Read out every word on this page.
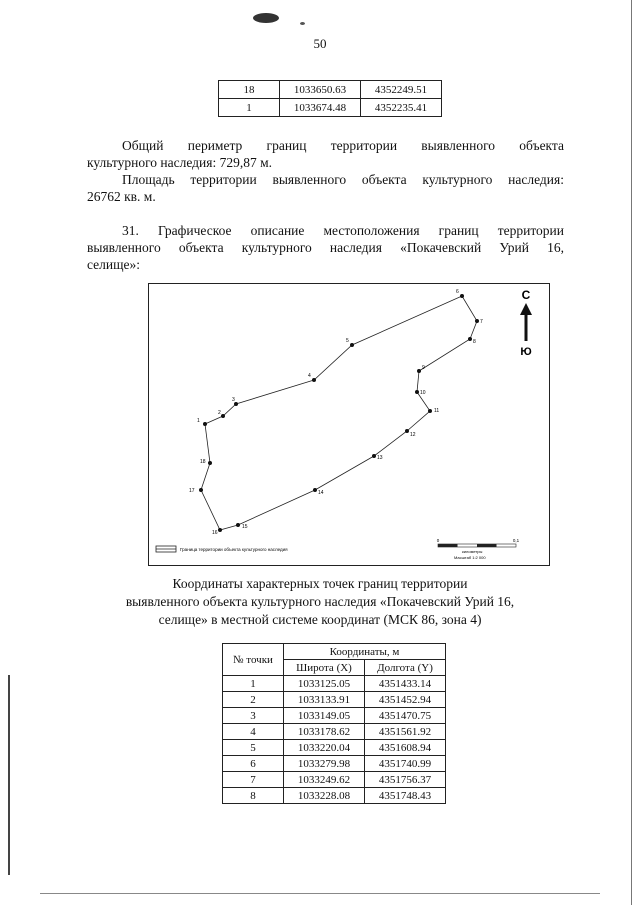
50
18	1033650.63	4352249.51
1	1033674.48	4352235.41
Общий периметр границ территории выявленного объекта
культурного наследия: 729,87 м.
Площадь территории выявленного объекта культурного наследия:
26762 кв. м.
31. Графическое описание местоположения границ территории
выявленного объекта культурного наследия «Покачевский Урий 16,
селище»:
1
2
3
4
5
6
7
8
9
10
11
12
13
14
15
16
17
18
С
Ю
Граница территории объекта культурного наследия
0	0,1
километры
Масштаб 1:2 000
Координаты характерных точек границ территории
выявленного объекта культурного наследия «Покачевский Урий 16,
селище» в местной системе координат (МСК 86, зона 4)
№ точки	Координаты, м	
	Широта (X)	Долгота (Y)
1	1033125.05	4351433.14
2	1033133.91	4351452.94
3	1033149.05	4351470.75
4	1033178.62	4351561.92
5	1033220.04	4351608.94
6	1033279.98	4351740.99
7	1033249.62	4351756.37
8	1033228.08	4351748.43
